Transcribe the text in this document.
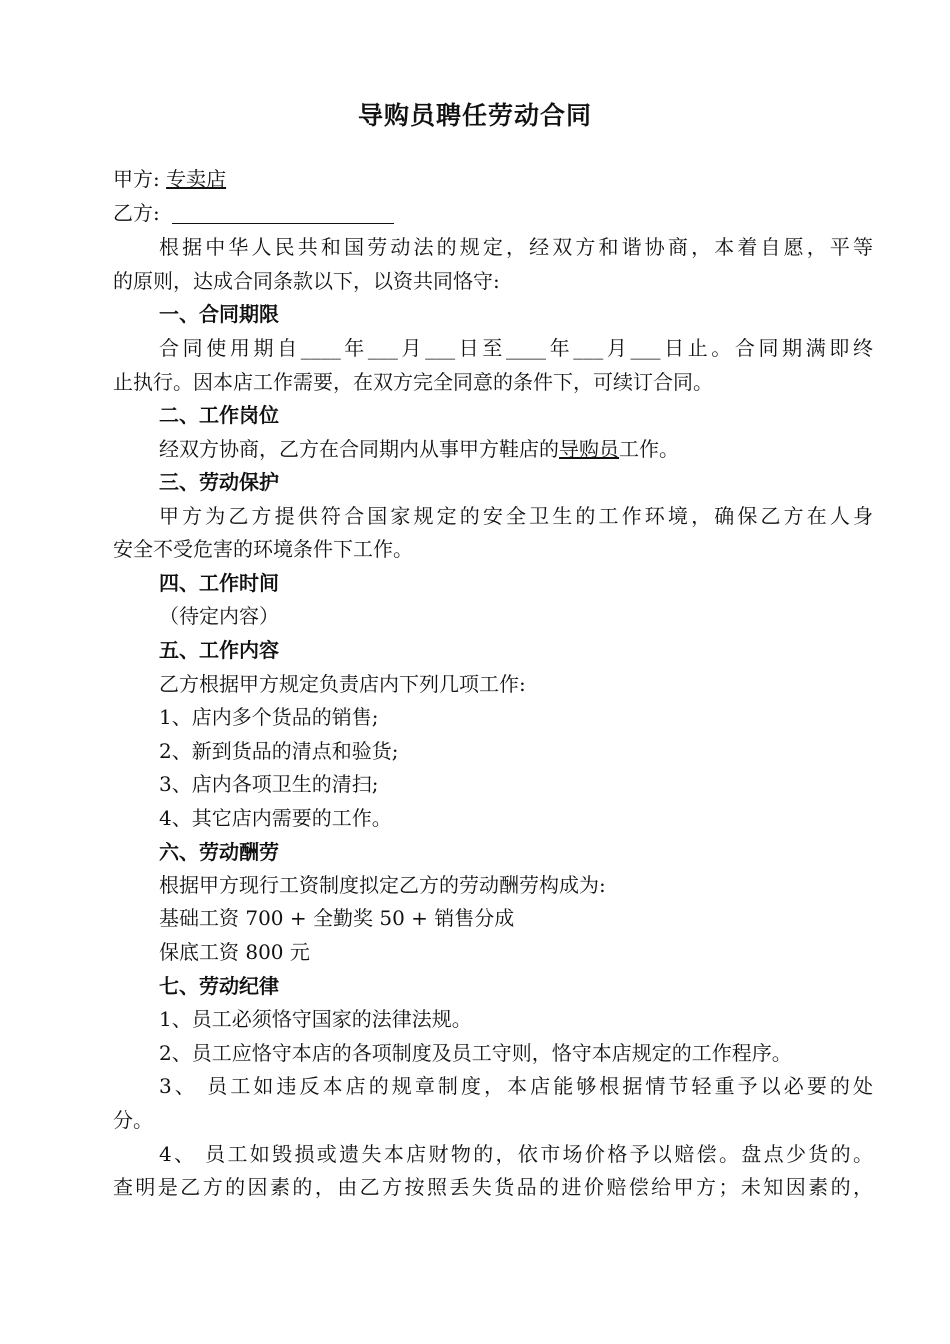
导购员聘任劳动合同
甲方: 专卖店
乙方:
根据中华人民共和国劳动法的规定，经双方和谐协商，本着自愿，平等
的原则，达成合同条款以下，以资共同恪守:
一、合同期限
合同使用期自____年___月___日至____年___月___日止。合同期满即终
止执行。因本店工作需要，在双方完全同意的条件下，可续订合同。
二、工作岗位
经双方协商，乙方在合同期内从事甲方鞋店的导购员工作。
三、劳动保护
甲方为乙方提供符合国家规定的安全卫生的工作环境，确保乙方在人身
安全不受危害的环境条件下工作。
四、工作时间
（待定内容）
五、工作内容
乙方根据甲方规定负责店内下列几项工作:
1、店内多个货品的销售;
2、新到货品的清点和验货;
3、店内各项卫生的清扫;
4、其它店内需要的工作。
六、劳动酬劳
根据甲方现行工资制度拟定乙方的劳动酬劳构成为:
基础工资 700 + 全勤奖 50 + 销售分成
保底工资 800 元
七、劳动纪律
1、员工必须恪守国家的法律法规。
2、员工应恪守本店的各项制度及员工守则，恪守本店规定的工作程序。
3、 员工如违反本店的规章制度，本店能够根据情节轻重予以必要的处
分。
4、 员工如毁损或遗失本店财物的，依市场价格予以赔偿。盘点少货的。
查明是乙方的因素的，由乙方按照丢失货品的进价赔偿给甲方；未知因素的，
